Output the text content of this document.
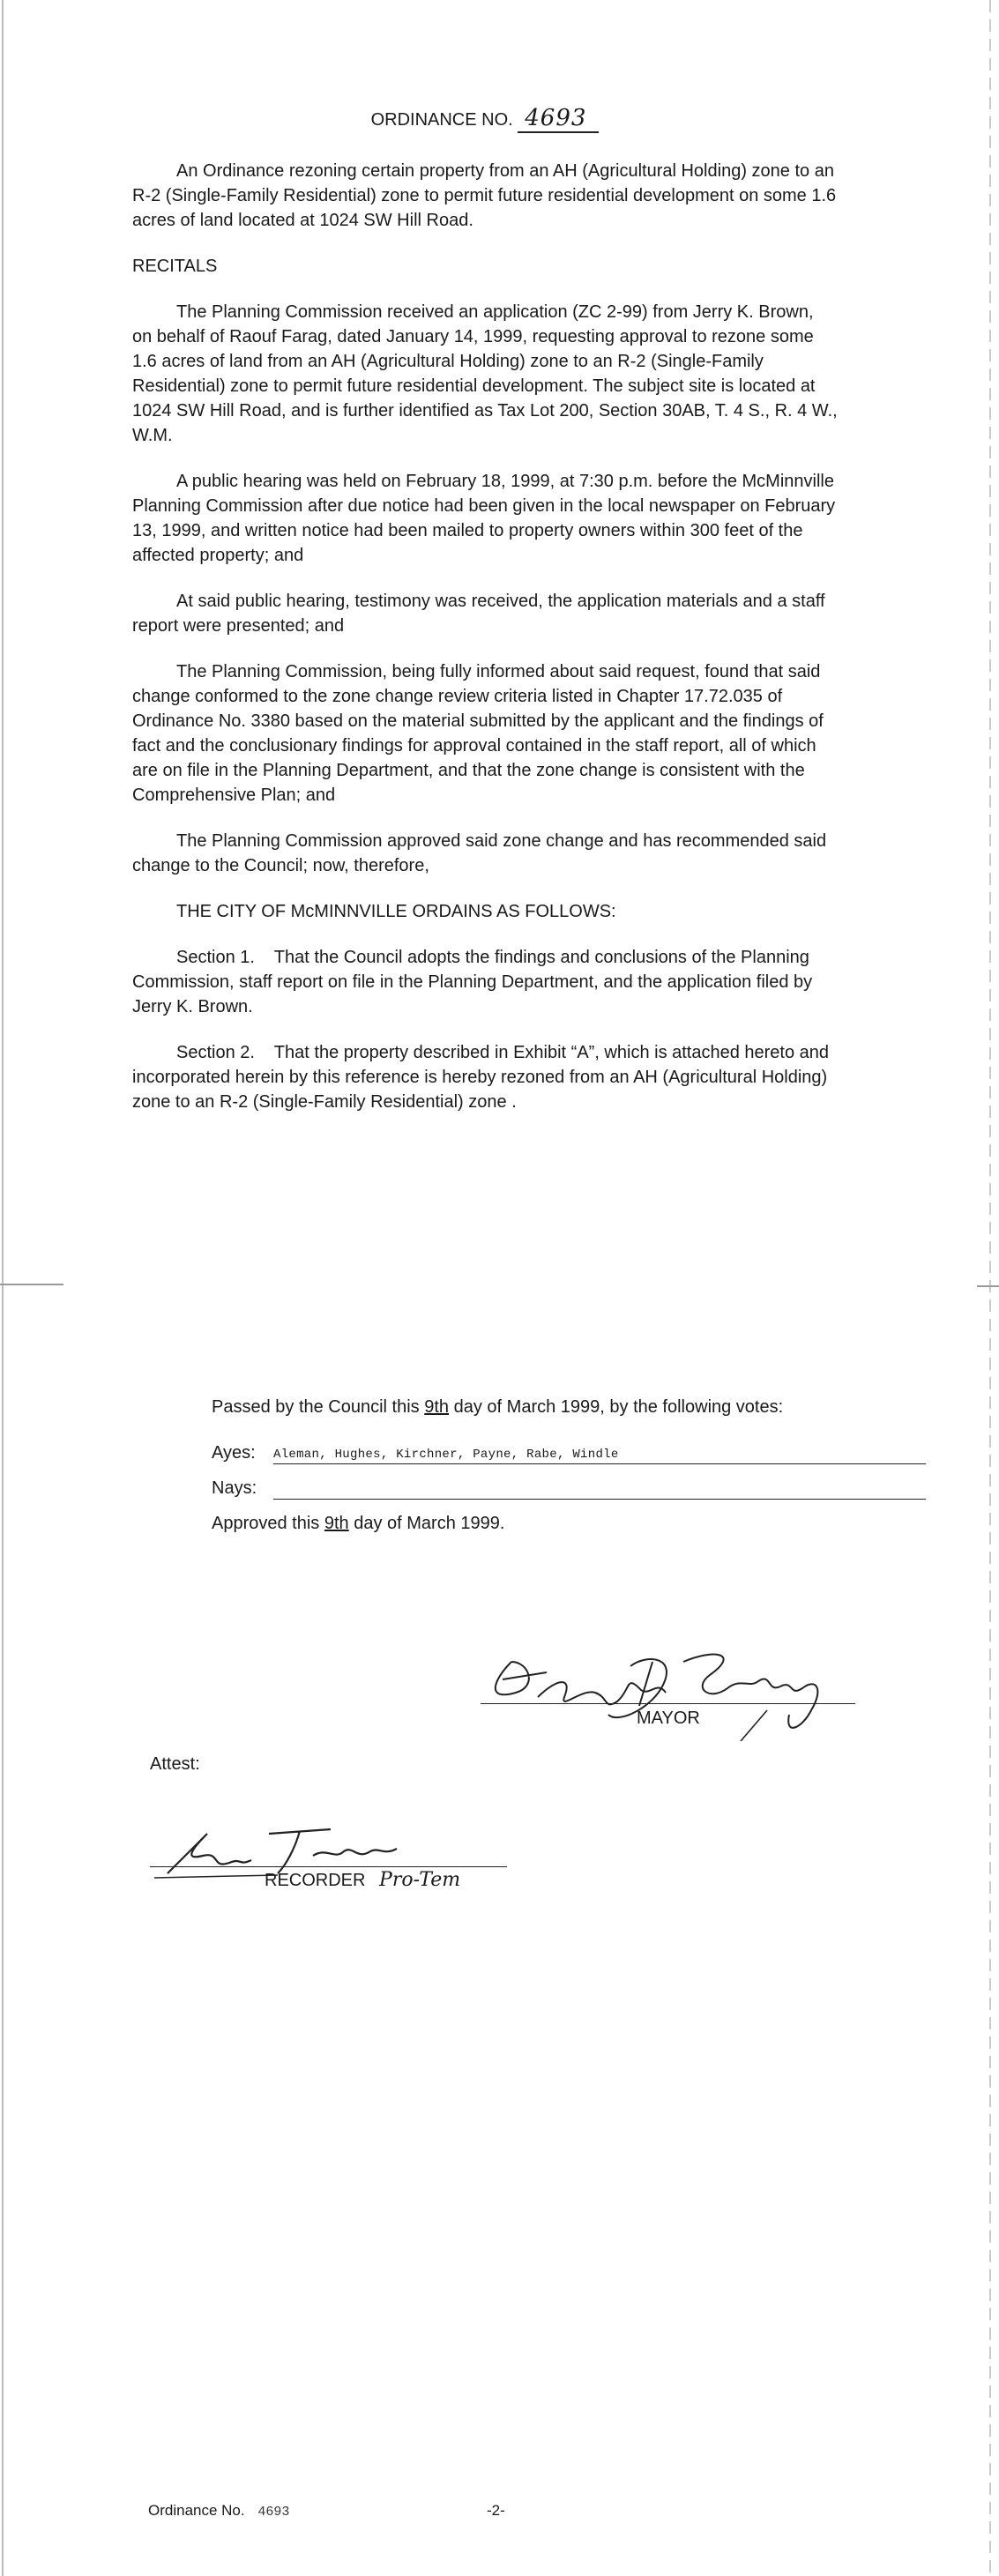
ORDINANCE NO. 4693

An Ordinance rezoning certain property from an AH (Agricultural Holding) zone to an R-2 (Single-Family Residential) zone to permit future residential development on some 1.6 acres of land located at 1024 SW Hill Road.

RECITALS

The Planning Commission received an application (ZC 2-99) from Jerry K. Brown, on behalf of Raouf Farag, dated January 14, 1999, requesting approval to rezone some 1.6 acres of land from an AH (Agricultural Holding) zone to an R-2 (Single-Family Residential) zone to permit future residential development. The subject site is located at 1024 SW Hill Road, and is further identified as Tax Lot 200, Section 30AB, T. 4 S., R. 4 W., W.M.

A public hearing was held on February 18, 1999, at 7:30 p.m. before the McMinnville Planning Commission after due notice had been given in the local newspaper on February 13, 1999, and written notice had been mailed to property owners within 300 feet of the affected property; and

At said public hearing, testimony was received, the application materials and a staff report were presented; and

The Planning Commission, being fully informed about said request, found that said change conformed to the zone change review criteria listed in Chapter 17.72.035 of Ordinance No. 3380 based on the material submitted by the applicant and the findings of fact and the conclusionary findings for approval contained in the staff report, all of which are on file in the Planning Department, and that the zone change is consistent with the Comprehensive Plan; and

The Planning Commission approved said zone change and has recommended said change to the Council; now, therefore,

THE CITY OF McMINNVILLE ORDAINS AS FOLLOWS:

Section 1.    That the Council adopts the findings and conclusions of the Planning Commission, staff report on file in the Planning Department, and the application filed by Jerry K. Brown.

Section 2.    That the property described in Exhibit “A”, which is attached hereto and incorporated herein by this reference is hereby rezoned from an AH (Agricultural Holding) zone to an R-2 (Single-Family Residential) zone .

Passed by the Council this 9th day of March 1999, by the following votes:

Ayes: Aleman, Hughes, Kirchner, Payne, Rabe, Windle
Nays:

Approved this 9th day of March 1999.

MAYOR
Attest:
RECORDER Pro-Tem
Ordinance No. 4693	-2-
